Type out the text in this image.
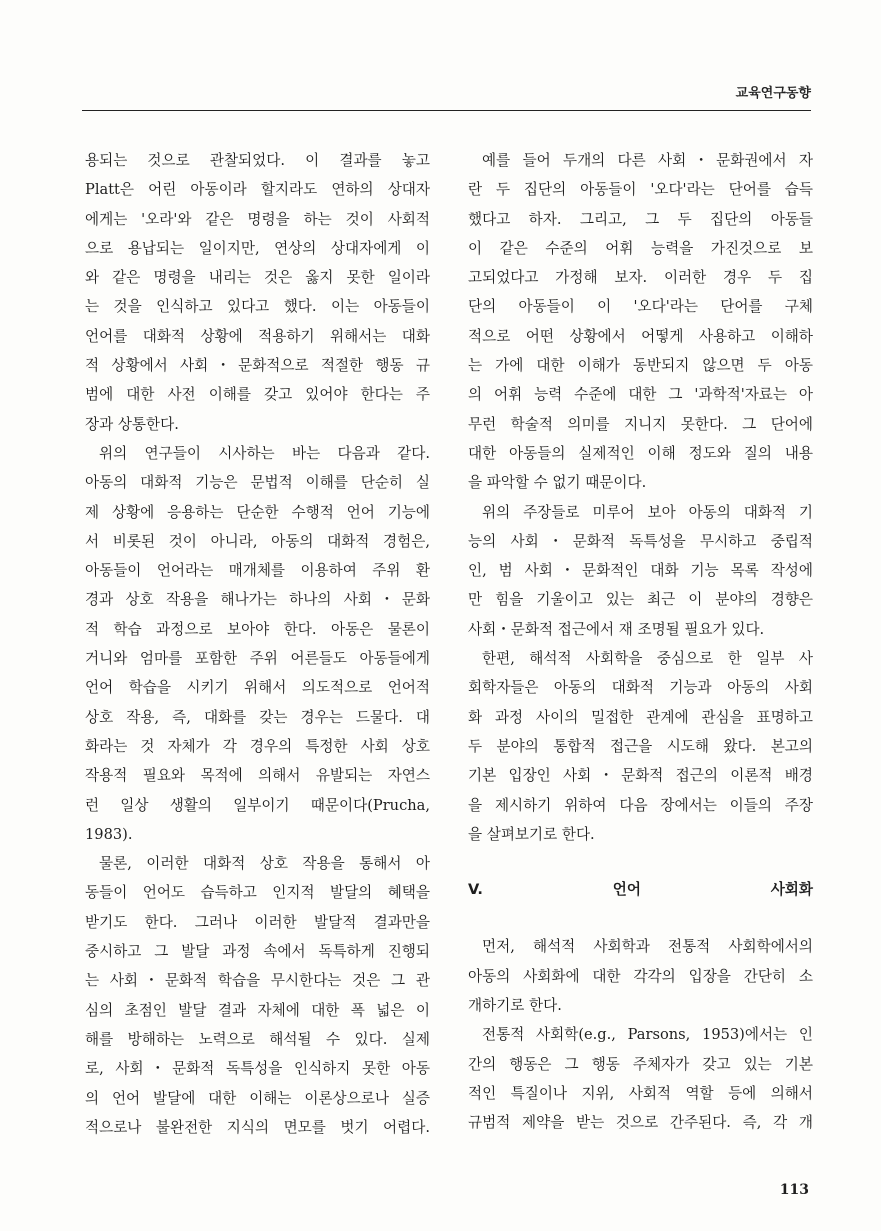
교육연구동향

용되는 것으로 관찰되었다. 이 결과를 놓고

Platt은 어린 아동이라 할지라도 연하의 상대자

에게는 '오라'와 같은 명령을 하는 것이 사회적

으로 용납되는 일이지만, 연상의 상대자에게 이

와 같은 명령을 내리는 것은 옳지 못한 일이라

는 것을 인식하고 있다고 했다. 이는 아동들이

언어를 대화적 상황에 적용하기 위해서는 대화

적 상황에서 사회・문화적으로 적절한 행동 규

범에 대한 사전 이해를 갖고 있어야 한다는 주

장과 상통한다.

위의 연구들이 시사하는 바는 다음과 같다.

아동의 대화적 기능은 문법적 이해를 단순히 실

제 상황에 응용하는 단순한 수행적 언어 기능에

서 비롯된 것이 아니라, 아동의 대화적 경험은,

아동들이 언어라는 매개체를 이용하여 주위 환

경과 상호 작용을 해나가는 하나의 사회・문화

적 학습 과정으로 보아야 한다. 아동은 물론이

거니와 엄마를 포함한 주위 어른들도 아동들에게

언어 학습을 시키기 위해서 의도적으로 언어적

상호 작용, 즉, 대화를 갖는 경우는 드물다. 대

화라는 것 자체가 각 경우의 특정한 사회 상호

작용적 필요와 목적에 의해서 유발되는 자연스

런 일상 생활의 일부이기 때문이다(Prucha,

1983).

물론, 이러한 대화적 상호 작용을 통해서 아

동들이 언어도 습득하고 인지적 발달의 혜택을

받기도 한다. 그러나 이러한 발달적 결과만을

중시하고 그 발달 과정 속에서 독특하게 진행되

는 사회・문화적 학습을 무시한다는 것은 그 관

심의 초점인 발달 결과 자체에 대한 폭 넓은 이

해를 방해하는 노력으로 해석될 수 있다. 실제

로, 사회・문화적 독특성을 인식하지 못한 아동

의 언어 발달에 대한 이해는 이론상으로나 실증

적으로나 불완전한 지식의 면모를 벗기 어렵다.

예를 들어 두개의 다른 사회・문화권에서 자

란 두 집단의 아동들이 '오다'라는 단어를 습득

했다고 하자. 그리고, 그 두 집단의 아동들

이 같은 수준의 어휘 능력을 가진것으로 보

고되었다고 가정해 보자. 이러한 경우 두 집

단의 아동들이 이 '오다'라는 단어를 구체

적으로 어떤 상황에서 어떻게 사용하고 이해하

는 가에 대한 이해가 동반되지 않으면 두 아동

의 어휘 능력 수준에 대한 그 '과학적'자료는 아

무런 학술적 의미를 지니지 못한다. 그 단어에

대한 아동들의 실제적인 이해 정도와 질의 내용

을 파악할 수 없기 때문이다.

위의 주장들로 미루어 보아 아동의 대화적 기

능의 사회・문화적 독특성을 무시하고 중립적

인, 범 사회・문화적인 대화 기능 목록 작성에

만 힘을 기울이고 있는 최근 이 분야의 경향은

사회・문화적 접근에서 재 조명될 필요가 있다.

한편, 해석적 사회학을 중심으로 한 일부 사

회학자들은 아동의 대화적 기능과 아동의 사회

화 과정 사이의 밀접한 관계에 관심을 표명하고

두 분야의 통합적 접근을 시도해 왔다. 본고의

기본 입장인 사회・문화적 접근의 이론적 배경

을 제시하기 위하여 다음 장에서는 이들의 주장

을 살펴보기로 한다.

V. 언어 사회화

먼저, 해석적 사회학과 전통적 사회학에서의

아동의 사회화에 대한 각각의 입장을 간단히 소

개하기로 한다.

전통적 사회학(e.g., Parsons, 1953)에서는 인

간의 행동은 그 행동 주체자가 갖고 있는 기본

적인 특질이나 지위, 사회적 역할 등에 의해서

규범적 제약을 받는 것으로 간주된다. 즉, 각 개

113
